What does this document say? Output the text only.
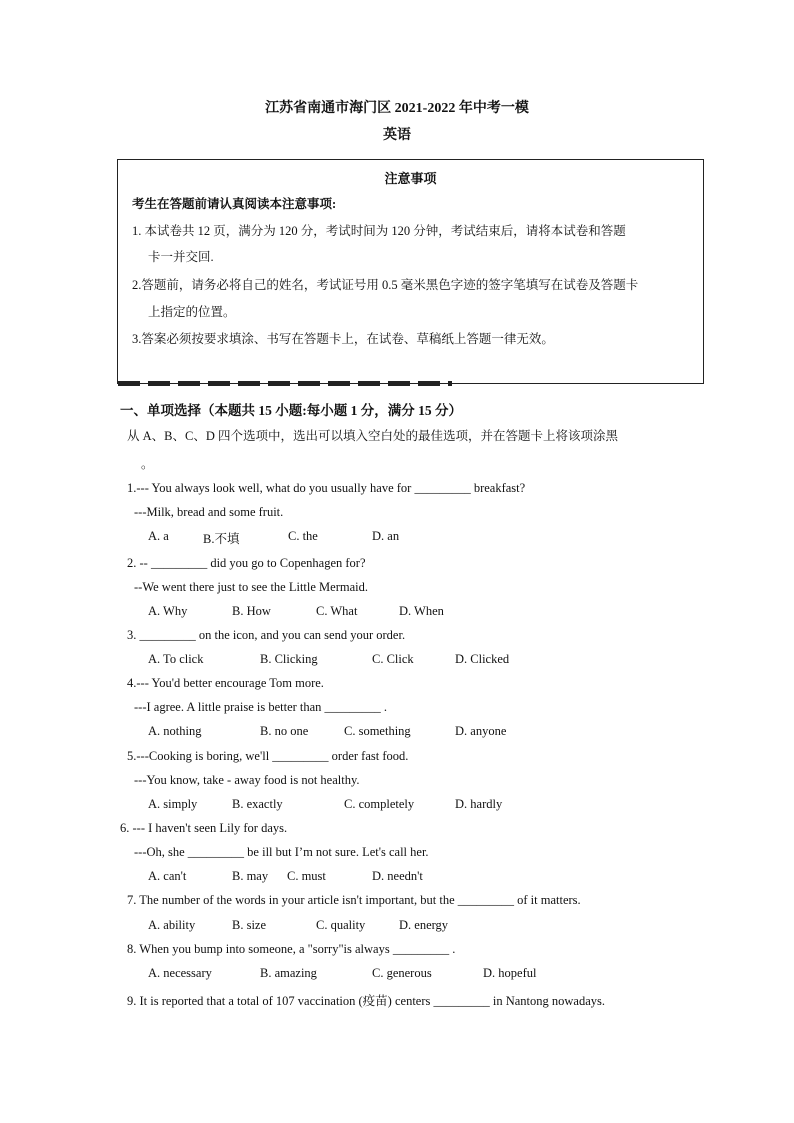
江苏省南通市海门区 2021-2022 年中考一模
英语
注意事项
考生在答题前请认真阅读本注意事项:
1. 本试卷共 12 页，满分为 120 分，考试时间为 120 分钟，考试结束后，请将本试卷和答题
卡一并交回.
2.答题前，请务必将自己的姓名，考试证号用 0.5 毫米黑色字迹的签字笔填写在试卷及答题卡
上指定的位置。
3.答案必须按要求填涂、书写在答题卡上，在试卷、草稿纸上答题一律无效。
一、单项选择（本题共 15 小题:每小题 1 分，满分 15 分）
从 A、B、C、D 四个选项中，选出可以填入空白处的最佳选项，并在答题卡上将该项涂黑
。
1.--- You always look well, what do you usually have for _________ breakfast?
---Milk, bread and some fruit.
A. a	B.不填	C. the	D. an
2. -- _________ did you go to Copenhagen for?
--We went there just to see the Little Mermaid.
A. Why	B. How	C. What	D. When
3. _________ on the icon, and you can send your order.
A. To click	B. Clicking	C. Click	D. Clicked
4.--- You'd better encourage Tom more.
---I agree. A little praise is better than _________ .
A. nothing	B. no one	C. something	D. anyone
5.---Cooking is boring, we'll _________ order fast food.
---You know, take - away food is not healthy.
A. simply	B. exactly	C. completely	D. hardly
6. --- I haven't seen Lily for days.
---Oh, she _________ be ill but I’m not sure. Let's call her.
A. can't	B. may C. must	D. needn't
7. The number of the words in your article isn't important, but the _________ of it matters.
A. ability	B. size	C. quality	D. energy
8. When you bump into someone, a "sorry"is always _________ .
A. necessary	B. amazing	C. generous	D. hopeful
9. It is reported that a total of 107 vaccination (疫苗) centers _________ in Nantong nowadays.
